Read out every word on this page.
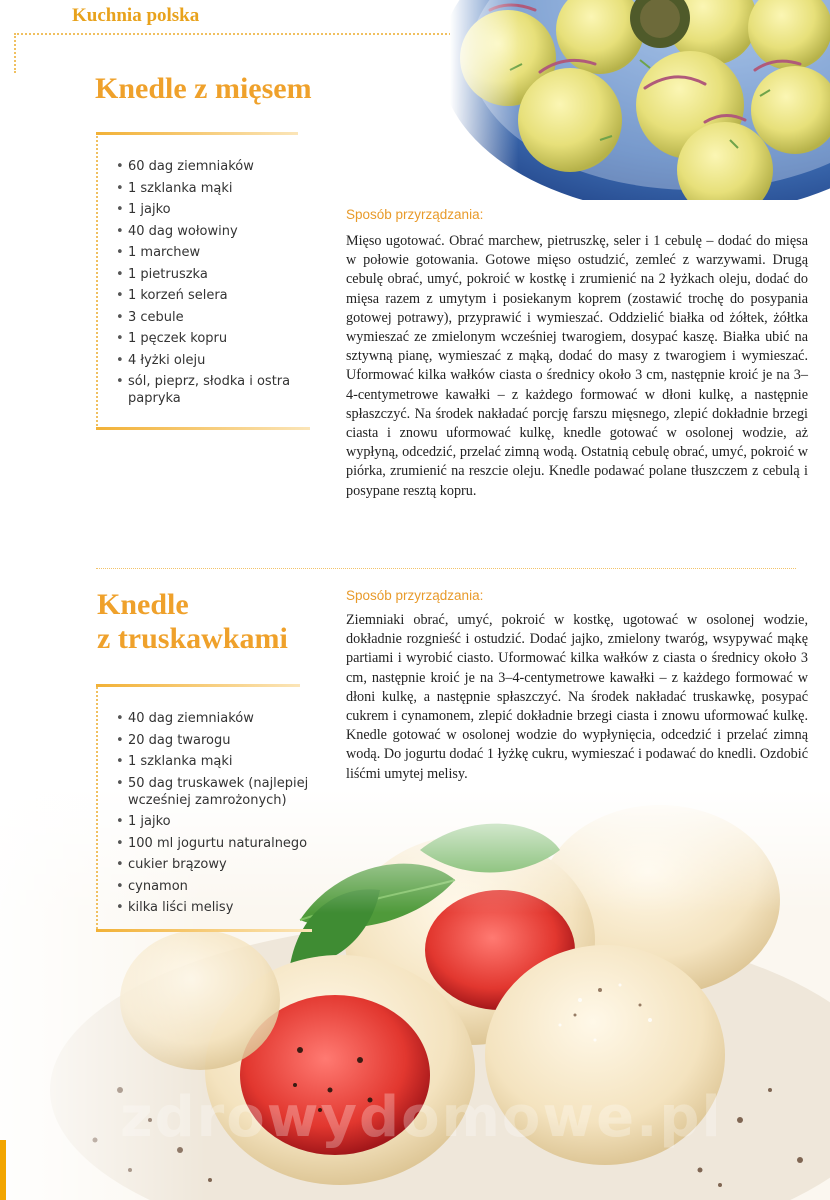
Kuchnia polska
Knedle z mięsem
• 60 dag ziemniaków
• 1 szklanka mąki
• 1 jajko
• 40 dag wołowiny
• 1 marchew
• 1 pietruszka
• 1 korzeń selera
• 3 cebule
• 1 pęczek kopru
• 4 łyżki oleju
• sól, pieprz, słodka i ostra papryka
Sposób przyrządzania:
Mięso ugotować. Obrać marchew, pietruszkę, seler i 1 cebulę – dodać do mięsa w połowie gotowania. Gotowe mięso ostudzić, zemleć z warzywami. Drugą cebulę obrać, umyć, pokroić w kostkę i zrumienić na 2 łyżkach oleju, dodać do mięsa razem z umytym i posiekanym koprem (zostawić trochę do posypania gotowej potrawy), przyprawić i wymieszać. Oddzielić białka od żółtek, żółtka wymieszać ze zmielonym wcześniej twarogiem, dosypać kaszę. Białka ubić na sztywną pianę, wymieszać z mąką, dodać do masy z twarogiem i wymieszać. Uformować kilka wałków ciasta o średnicy około 3 cm, następnie kroić je na 3–4-centymetrowe kawałki – z każdego formować w dłoni kulkę, a następnie spłaszczyć. Na środek nakładać porcję farszu mięsnego, zlepić dokładnie brzegi ciasta i znowu uformować kulkę, knedle gotować w osolonej wodzie, aż wypłyną, odcedzić, przelać zimną wodą. Ostatnią cebulę obrać, umyć, pokroić w piórka, zrumienić na reszcie oleju. Knedle podawać polane tłuszczem z cebulą i posypane resztą kopru.
Knedle
z truskawkami
Sposób przyrządzania:
Ziemniaki obrać, umyć, pokroić w kostkę, ugotować w osolonej wodzie, dokładnie rozgnieść i ostudzić. Dodać jajko, zmielony twaróg, wsypywać mąkę partiami i wyrobić ciasto. Uformować kilka wałków z ciasta o średnicy około 3 cm, następnie kroić je na 3–4-centymetrowe kawałki – z każdego formować w dłoni kulkę, a następnie spłaszczyć. Na środek nakładać truskawkę, posypać cukrem i cynamonem, zlepić dokładnie brzegi ciasta i znowu uformować kulkę. Knedle gotować w osolonej wodzie do wypłynięcia, odcedzić i przelać zimną wodą. Do jogurtu dodać 1 łyżkę cukru, wymieszać i podawać do knedli. Ozdobić liśćmi umytej melisy.
zdrowydomowe.pl
• 40 dag ziemniaków
• 20 dag twarogu
• 1 szklanka mąki
• 50 dag truskawek (najlepiej wcześniej zamrożonych)
• 1 jajko
• 100 ml jogurtu naturalnego
• cukier brązowy
• cynamon
• kilka liści melisy
